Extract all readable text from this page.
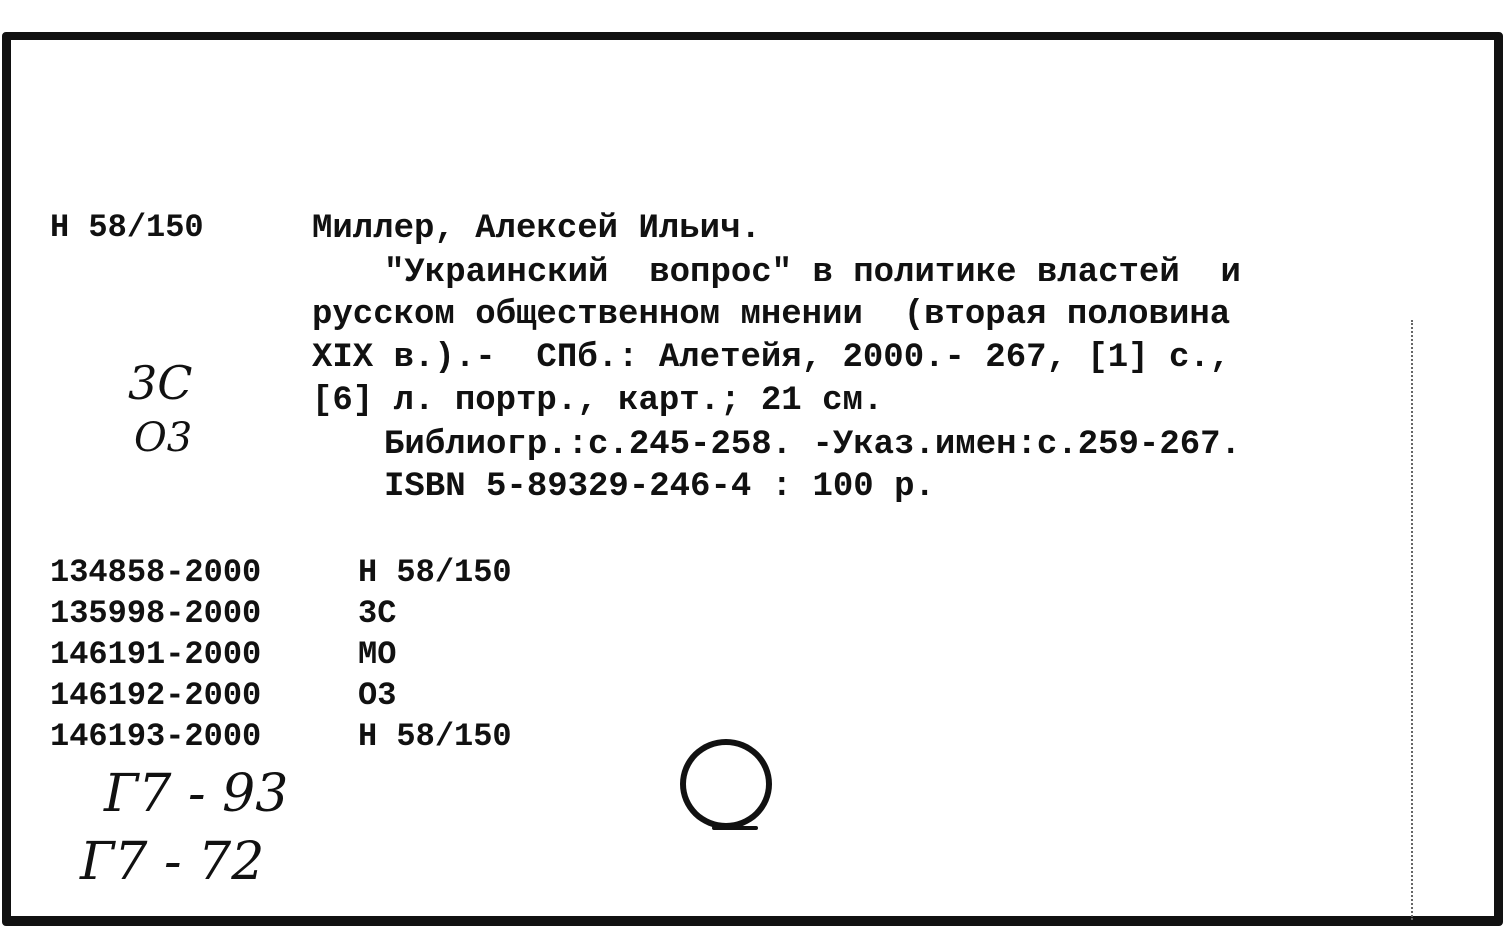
Н 58/150	Миллер, Алексей Ильич.
"Украинский  вопрос" в политике властей  и
русском общественном мнении  (вторая половина
XIX в.).-  СПб.: Алетейя, 2000.- 267, [1] с.,
[6] л. портр., карт.; 21 см.
Библиогр.:с.245-258. -Указ.имен:с.259-267.
ISBN 5-89329-246-4 : 100 р.
3С
О3
134858-2000	Н 58/150
135998-2000	3С
146191-2000	МО
146192-2000	О3
146193-2000	Н 58/150
Г7 - 93
Г7 - 72
